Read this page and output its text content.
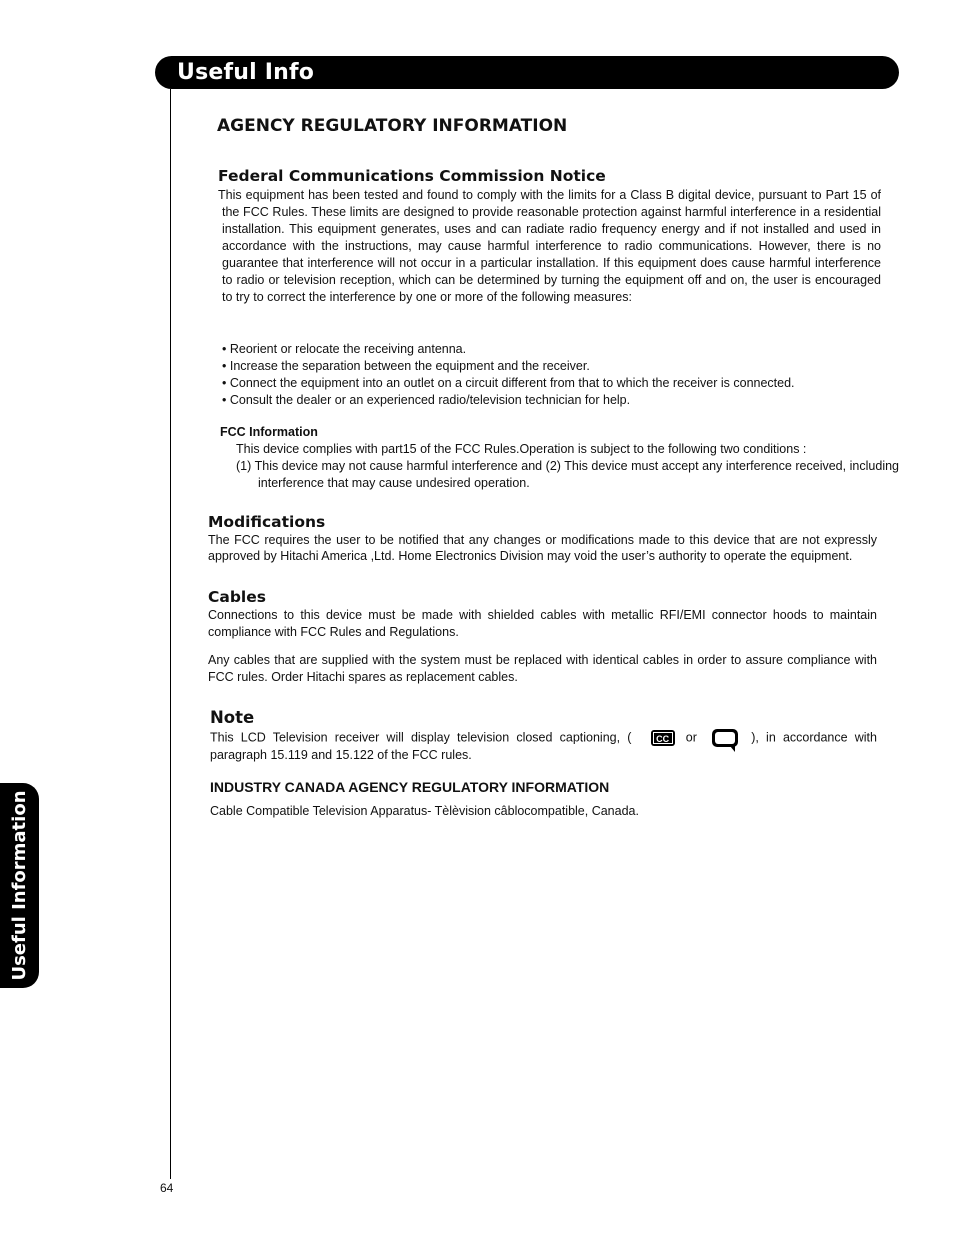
Useful Info
Useful Information
AGENCY REGULATORY INFORMATION
Federal Communications Commission Notice
This equipment has been tested and found to comply with the limits for a Class B digital device, pursuant to Part 15 of the FCC Rules. These limits are designed to provide reasonable protection against harmful interference in a residential installation. This equipment generates, uses and can radiate radio frequency energy and if not installed and used in accordance with the instructions, may cause harmful interference to radio communications. However, there is no guarantee that interference will not occur in a particular installation. If this equipment does cause harmful interference to radio or television reception, which can be determined by turning the equipment off and on, the user is encouraged to try to correct the interference by one or more of the following measures:
• Reorient or relocate the receiving antenna.
• Increase the separation between the equipment and the receiver.
• Connect the equipment into an outlet on a circuit different from that to which the receiver is connected.
• Consult the dealer or an experienced radio/television technician for help.
FCC Information
This device complies with part15 of the FCC Rules.Operation is subject to the following two conditions :
(1) This device may not cause harmful interference and (2) This device must accept any interference received, including interference that may cause undesired operation.
Modifications
The FCC requires the user to be notified that any changes or modifications made to this device that are not expressly approved by Hitachi America ,Ltd. Home Electronics Division may void the user’s authority to operate the equipment.
Cables
Connections to this device must be made with shielded cables with metallic RFI/EMI connector hoods to maintain compliance with FCC Rules and Regulations.
Any cables that are supplied with the system must be replaced with identical cables in order to assure compliance with FCC rules. Order Hitachi spares as replacement cables.
Note
This LCD Television receiver will display television closed captioning, (	CC or	), in accordance with paragraph 15.119 and 15.122 of the FCC rules.
INDUSTRY CANADA AGENCY REGULATORY INFORMATION
Cable Compatible Television Apparatus- Tèlèvision câblocompatible, Canada.
64
